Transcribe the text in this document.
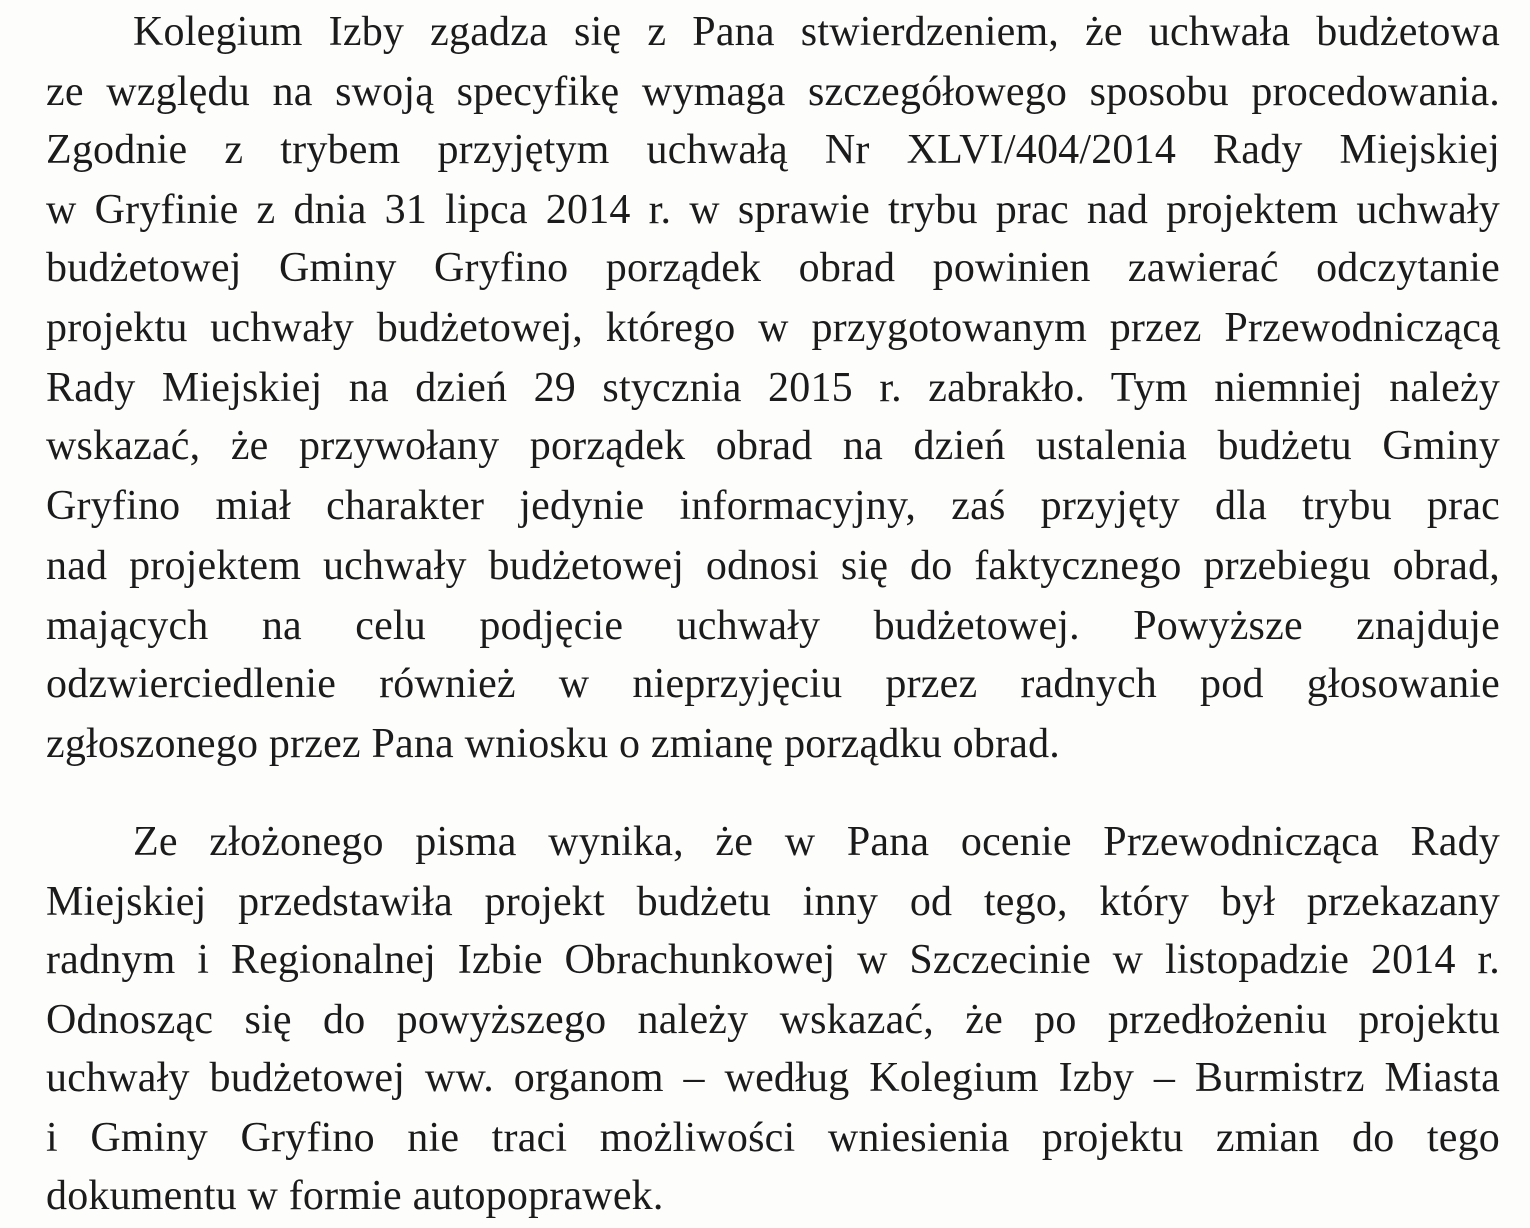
Kolegium Izby zgadza się z Pana stwierdzeniem, że uchwała budżetowa
ze względu na swoją specyfikę wymaga szczegółowego sposobu procedowania.
Zgodnie z trybem przyjętym uchwałą Nr XLVI/404/2014 Rady Miejskiej
w Gryfinie z dnia 31 lipca 2014 r. w sprawie trybu prac nad projektem uchwały
budżetowej Gminy Gryfino porządek obrad powinien zawierać odczytanie
projektu uchwały budżetowej, którego w przygotowanym przez Przewodniczącą
Rady Miejskiej na dzień 29 stycznia 2015 r. zabrakło. Tym niemniej należy
wskazać, że przywołany porządek obrad na dzień ustalenia budżetu Gminy
Gryfino miał charakter jedynie informacyjny, zaś przyjęty dla trybu prac
nad projektem uchwały budżetowej odnosi się do faktycznego przebiegu obrad,
mających na celu podjęcie uchwały budżetowej. Powyższe znajduje
odzwierciedlenie również w nieprzyjęciu przez radnych pod głosowanie
zgłoszonego przez Pana wniosku o zmianę porządku obrad.
Ze złożonego pisma wynika, że w Pana ocenie Przewodnicząca Rady
Miejskiej przedstawiła projekt budżetu inny od tego, który był przekazany
radnym i Regionalnej Izbie Obrachunkowej w Szczecinie w listopadzie 2014 r.
Odnosząc się do powyższego należy wskazać, że po przedłożeniu projektu
uchwały budżetowej ww. organom – według Kolegium Izby – Burmistrz Miasta
i Gminy Gryfino nie traci możliwości wniesienia projektu zmian do tego
dokumentu w formie autopoprawek.
